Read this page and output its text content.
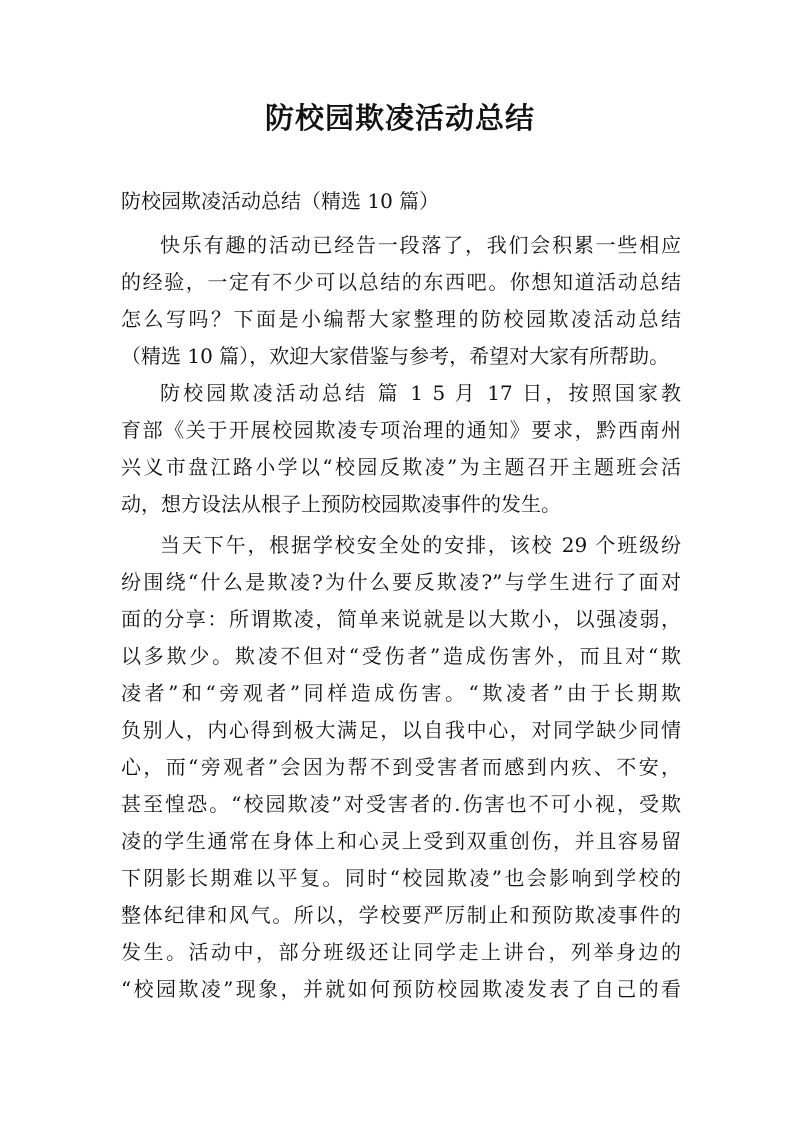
防校园欺凌活动总结
防校园欺凌活动总结（精选 10 篇）
快乐有趣的活动已经告一段落了，我们会积累一些相应
的经验，一定有不少可以总结的东西吧。你想知道活动总结
怎么写吗？下面是小编帮大家整理的防校园欺凌活动总结
（精选 10 篇），欢迎大家借鉴与参考，希望对大家有所帮助。
防校园欺凌活动总结 篇 1 5 月 17 日，按照国家教
育部《关于开展校园欺凌专项治理的通知》要求，黔西南州
兴义市盘江路小学以“校园反欺凌”为主题召开主题班会活
动，想方设法从根子上预防校园欺凌事件的发生。
当天下午，根据学校安全处的安排，该校 29 个班级纷
纷围绕“什么是欺凌?为什么要反欺凌?”与学生进行了面对
面的分享：所谓欺凌，简单来说就是以大欺小，以强凌弱，
以多欺少。欺凌不但对“受伤者”造成伤害外，而且对“欺
凌者”和“旁观者”同样造成伤害。“欺凌者”由于长期欺
负别人，内心得到极大满足，以自我中心，对同学缺少同情
心，而“旁观者”会因为帮不到受害者而感到内疚、不安，
甚至惶恐。“校园欺凌”对受害者的.伤害也不可小视，受欺
凌的学生通常在身体上和心灵上受到双重创伤，并且容易留
下阴影长期难以平复。同时“校园欺凌”也会影响到学校的
整体纪律和风气。所以，学校要严厉制止和预防欺凌事件的
发生。活动中，部分班级还让同学走上讲台，列举身边的
“校园欺凌”现象，并就如何预防校园欺凌发表了自己的看
